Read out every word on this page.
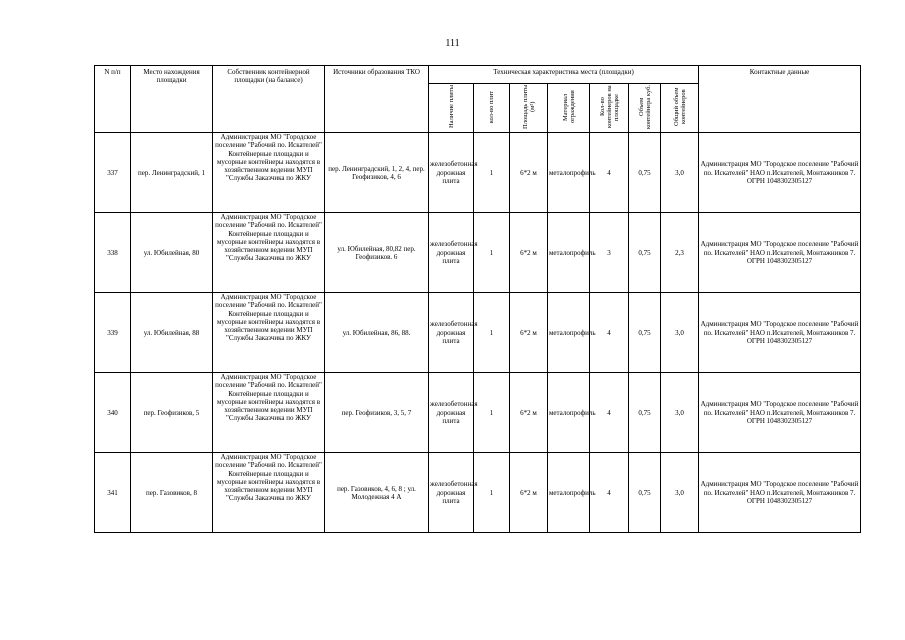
111
N п/п	Место нахождения площадки	Собственник контейнерной площадки (на балансе)	Источники образования ТКО	Техническая характеристика места (площадки)							Контактные данные
				Наличие плиты	кол-во плит	Площадь плиты (м²)	Материал ограждения	Кол-во контейнеров на площадке	Объем контейнера куб.	Общий объем контейнеров	
337	пер. Ленинградский, 1	Администрация МО "Городское поселение "Рабочий по. Искателей" Контейнерные площадки и мусорные контейнеры находятся в хозяйственном ведении МУП "Службы Заказчика по ЖКУ	пер. Ленинградский, 1, 2, 4, пер. Геофизиков, 4, 6	железобетонная дорожная плита	1	6*2 м	металопрофиль	4	0,75	3,0	Администрация МО "Городское поселение "Рабочий по. Искателей" НАО п.Искателей, Монтажников 7. ОГРН 1048302305127
338	ул. Юбилейная, 80	Администрация МО "Городское поселение "Рабочий по. Искателей" Контейнерные площадки и мусорные контейнеры находятся в хозяйственном ведении МУП "Службы Заказчика по ЖКУ	ул. Юбилейная, 80,82 пер. Геофизиков. 6	железобетонная дорожная плита	1	6*2 м	металопрофиль	3	0,75	2,3	Администрация МО "Городское поселение "Рабочий по. Искателей" НАО п.Искателей, Монтажников 7. ОГРН 1048302305127
339	ул. Юбилейная, 88	Администрация МО "Городское поселение "Рабочий по. Искателей" Контейнерные площадки и мусорные контейнеры находятся в хозяйственном ведении МУП "Службы Заказчика по ЖКУ	ул. Юбилейная, 86, 88.	железобетонная дорожная плита	1	6*2 м	металопрофиль	4	0,75	3,0	Администрация МО "Городское поселение "Рабочий по. Искателей" НАО п.Искателей, Монтажников 7. ОГРН 1048302305127
340	пер. Геофизиков, 5	Администрация МО "Городское поселение "Рабочий по. Искателей" Контейнерные площадки и мусорные контейнеры находятся в хозяйственном ведении МУП "Службы Заказчика по ЖКУ	пер. Геофизиков, 3, 5, 7	железобетонная дорожная плита	1	6*2 м	металопрофиль	4	0,75	3,0	Администрация МО "Городское поселение "Рабочий по. Искателей" НАО п.Искателей, Монтажников 7. ОГРН 1048302305127
341	пер. Газовиков, 8	Администрация МО "Городское поселение "Рабочий по. Искателей" Контейнерные площадки и мусорные контейнеры находятся в хозяйственном ведении МУП "Службы Заказчика по ЖКУ	пер. Газовиков, 4, 6, 8 ; ул. Молодежная 4 А	железобетонная дорожная плита	1	6*2 м	металопрофиль	4	0,75	3,0	Администрация МО "Городское поселение "Рабочий по. Искателей" НАО п.Искателей, Монтажников 7. ОГРН 1048302305127
